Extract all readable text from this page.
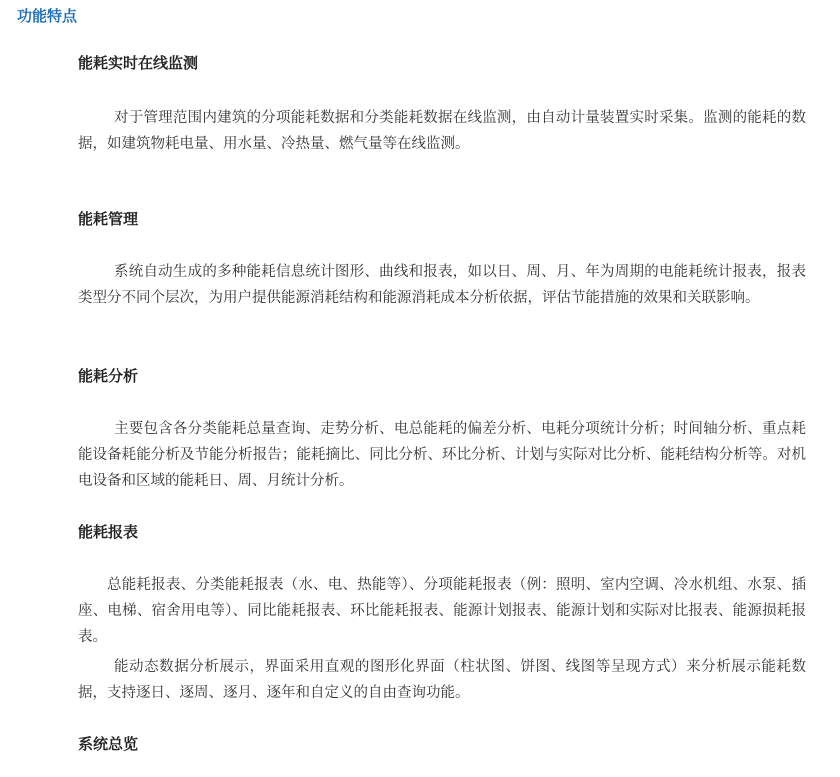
功能特点
能耗实时在线监测

对于管理范围内建筑的分项能耗数据和分类能耗数据在线监测，由自动计量装置实时采集。监测的能耗的数据，如建筑物耗电量、用水量、冷热量、燃气量等在线监测。

能耗管理

系统自动生成的多种能耗信息统计图形、曲线和报表，如以日、周、月、年为周期的电能耗统计报表，报表类型分不同个层次，为用户提供能源消耗结构和能源消耗成本分析依据，评估节能措施的效果和关联影响。

能耗分析

主要包含各分类能耗总量查询、走势分析、电总能耗的偏差分析、电耗分项统计分析；时间轴分析、重点耗能设备耗能分析及节能分析报告；能耗摘比、同比分析、环比分析、计划与实际对比分析、能耗结构分析等。对机电设备和区域的能耗日、周、月统计分析。

能耗报表

总能耗报表、分类能耗报表（水、电、热能等）、分项能耗报表（例：照明、室内空调、冷水机组、水泵、插座、电梯、宿舍用电等）、同比能耗报表、环比能耗报表、能源计划报表、能源计划和实际对比报表、能源损耗报表。

能动态数据分析展示，界面采用直观的图形化界面（柱状图、饼图、线图等呈现方式）来分析展示能耗数据，支持逐日、逐周、逐月、逐年和自定义的自由查询功能。

系统总览
